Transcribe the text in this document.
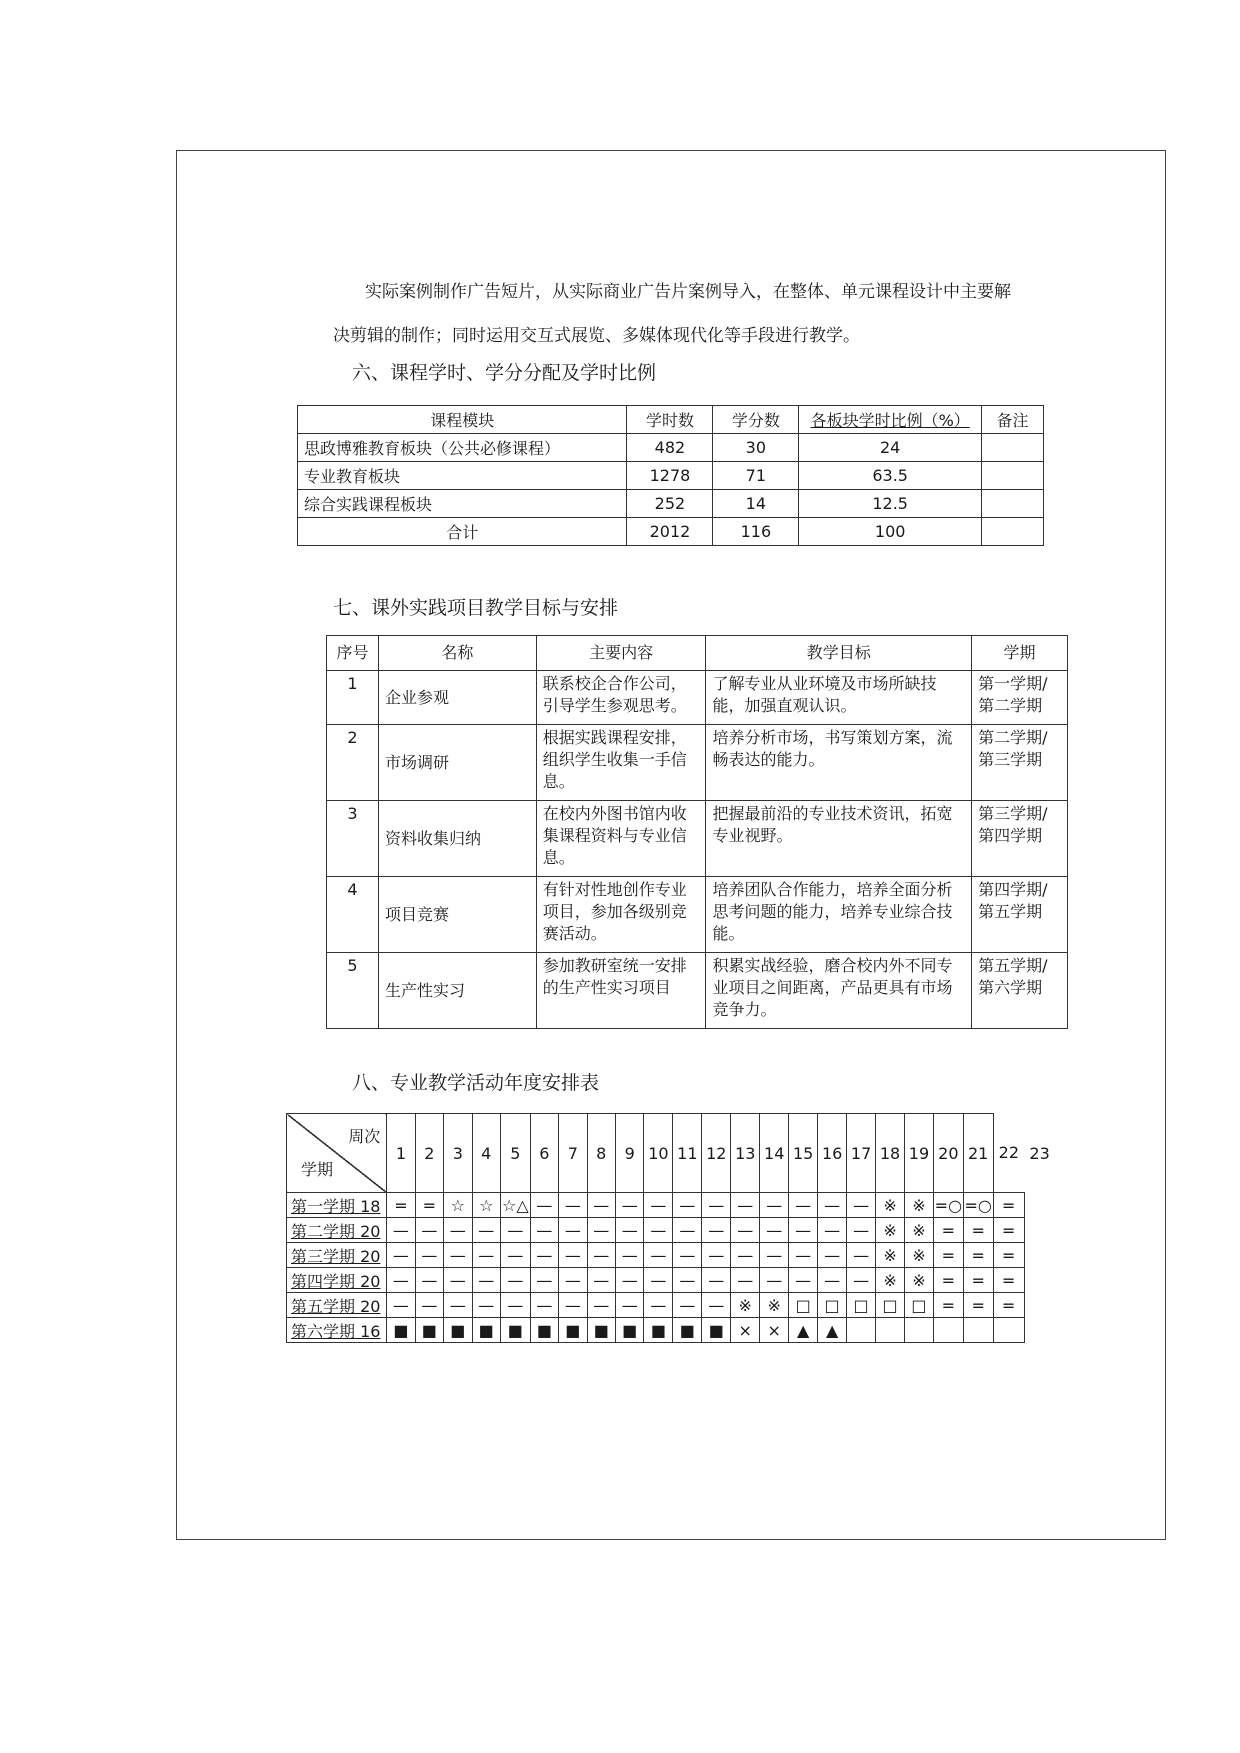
实际案例制作广告短片，从实际商业广告片案例导入，在整体、单元课程设计中主要解
决剪辑的制作；同时运用交互式展览、多媒体现代化等手段进行教学。

六、课程学时、学分分配及学时比例
课程模块	学时数	学分数	各板块学时比例（%）	备注
思政博雅教育板块（公共必修课程）	482	30	24	
专业教育板块	1278	71	63.5	
综合实践课程板块	252	14	12.5	
合计	2012	116	100	
七、课外实践项目教学目标与安排
序号	名称	主要内容	教学目标	学期
1	企业参观	联系校企合作公司，引导学生参观思考。	了解专业从业环境及市场所缺技能，加强直观认识。	第一学期/第二学期
2	市场调研	根据实践课程安排，组织学生收集一手信息。	培养分析市场，书写策划方案，流畅表达的能力。	第二学期/第三学期
3	资料收集归纳	在校内外图书馆内收集课程资料与专业信息。	把握最前沿的专业技术资讯，拓宽专业视野。	第三学期/第四学期
4	项目竞赛	有针对性地创作专业项目，参加各级别竞赛活动。	培养团队合作能力，培养全面分析思考问题的能力，培养专业综合技能。	第四学期/第五学期
5	生产性实习	参加教研室统一安排的生产性实习项目	积累实战经验，磨合校内外不同专业项目之间距离，产品更具有市场竞争力。	第五学期/第六学期
八、专业教学活动年度安排表
周次
学期	1	2	3	4	5	6	7	8	9	10	11	12	13	14	15	16	17	18	19	20	21	22	23
第一学期 18	=	=	☆	☆	☆△	—	—	—	—	—	—	—	—	—	—	—	—	※	※	=○	=○	=	
第二学期 20	—	—	—	—	—	—	—	—	—	—	—	—	—	—	—	—	—	※	※	=	=	=	
第三学期 20	—	—	—	—	—	—	—	—	—	—	—	—	—	—	—	—	—	※	※	=	=	=	
第四学期 20	—	—	—	—	—	—	—	—	—	—	—	—	—	—	—	—	—	※	※	=	=	=	
第五学期 20	—	—	—	—	—	—	—	—	—	—	—	—	※	※	□	□	□	□	□	=	=	=	
第六学期 16	■	■	■	■	■	■	■	■	■	■	■	■	×	×	▲	▲							
